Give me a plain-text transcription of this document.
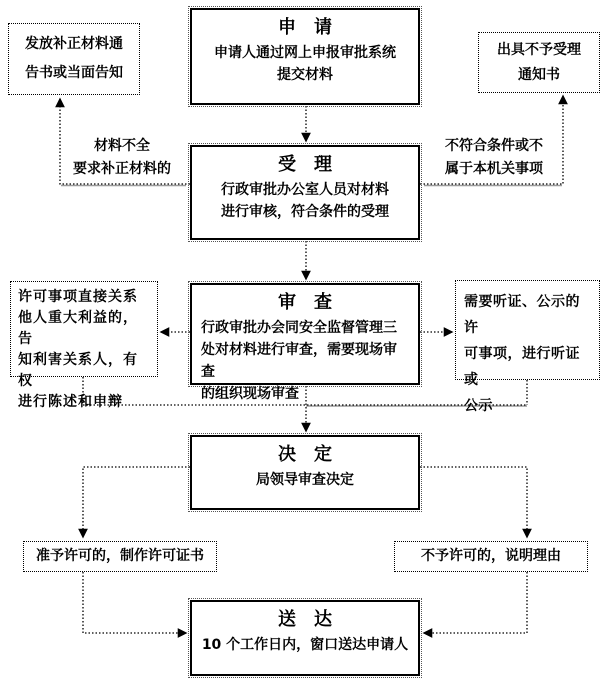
申　请
申请人通过网上申报审批系统
提交材料
受　理
行政审批办公室人员对材料
进行审核，符合条件的受理
审　查
行政审批办会同安全监督管理三
处对材料进行审查，需要现场审查
的组织现场审查
决　定
局领导审查决定
送　达
10 个工作日内，窗口送达申请人
发放补正材料通
告书或当面告知
出具不予受理
通知书
许可事项直接关系
他人重大利益的，告
知利害关系人，有权
进行陈述和申辩
需要听证、公示的许
可事项，进行听证或
公示
准予许可的，制作许可证书	不予许可的，说明理由
材料不全
要求补正材料的
不符合条件或不
属于本机关事项
